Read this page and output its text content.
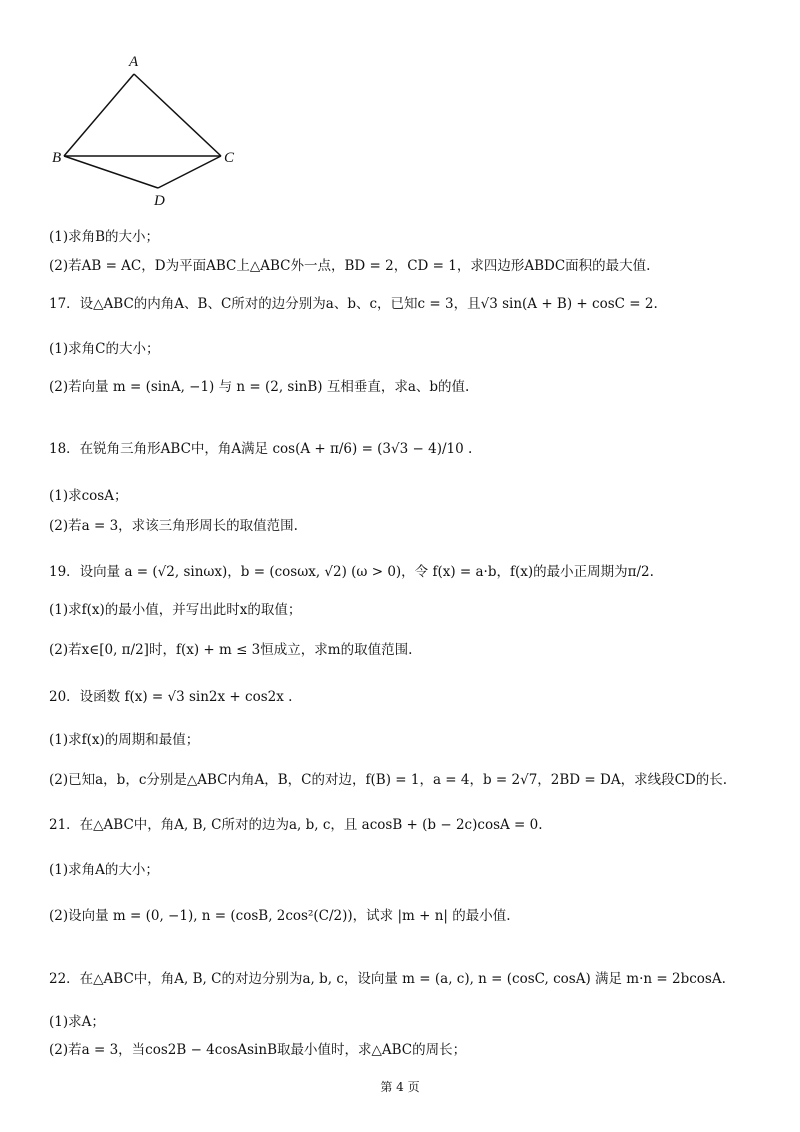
A
B	C
D
(1)求角B的大小；
(2)若AB = AC，D为平面ABC上△ABC外一点，BD = 2，CD = 1，求四边形ABDC面积的最大值.
17．设△ABC的内角A、B、C所对的边分别为a、b、c，已知c = 3，且√3 sin(A + B) + cosC = 2.
(1)求角C的大小；
(2)若向量 m = (sinA, −1) 与 n = (2, sinB) 互相垂直，求a、b的值.
18．在锐角三角形ABC中，角A满足 cos(A + π/6) = (3√3 − 4)/10 .
(1)求cosA；
(2)若a = 3，求该三角形周长的取值范围.
19．设向量 a = (√2, sinωx)，b = (cosωx, √2) (ω > 0)，令 f(x) = a·b，f(x)的最小正周期为π/2.
(1)求f(x)的最小值，并写出此时x的取值；
(2)若x∈[0, π/2]时，f(x) + m ≤ 3恒成立，求m的取值范围.
20．设函数 f(x) = √3 sin2x + cos2x .
(1)求f(x)的周期和最值；
(2)已知a，b，c分别是△ABC内角A，B，C的对边，f(B) = 1，a = 4，b = 2√7，2BD = DA，求线段CD的长.
21．在△ABC中，角A, B, C所对的边为a, b, c，且 acosB + (b − 2c)cosA = 0.
(1)求角A的大小；
(2)设向量 m = (0, −1), n = (cosB, 2cos²(C/2))，试求 |m + n| 的最小值.
22．在△ABC中，角A, B, C的对边分别为a, b, c，设向量 m = (a, c), n = (cosC, cosA) 满足 m·n = 2bcosA.
(1)求A；
(2)若a = 3，当cos2B − 4cosAsinB取最小值时，求△ABC的周长；
第 4 页
